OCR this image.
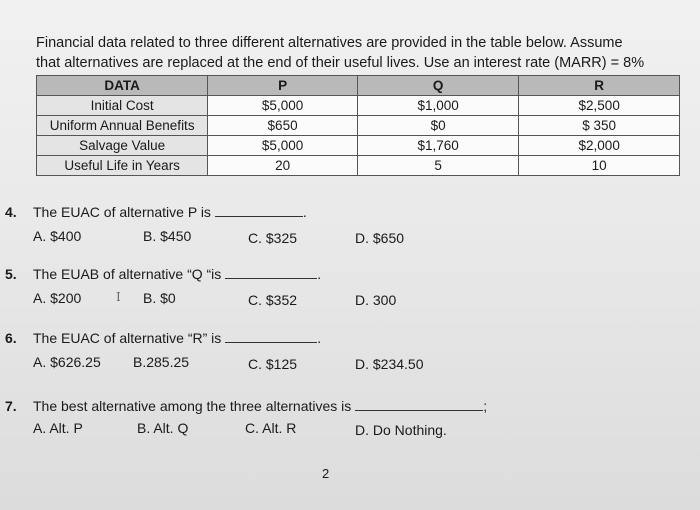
Financial data related to three different alternatives are provided in the table below. Assume
that alternatives are replaced at the end of their useful lives. Use an interest rate (MARR) = 8%
DATA	P	Q	R
Initial Cost	$5,000	$1,000	$2,500
Uniform Annual Benefits	$650	$0	$ 350
Salvage Value	$5,000	$1,760	$2,000
Useful Life in Years	20	5	10
4. The EUAC of alternative P is	.
A. $400	B. $450	C. $325	D. $650
5. The EUAB of alternative “Q “is	.
A. $200	B. $0	C. $352	D. 300
I
6. The EUAC of alternative “R” is	.
A. $626.25 B.285.25	C. $125	D. $234.50
7. The best alternative among the three alternatives is	;
A. Alt. P	B. Alt. Q	C. Alt. R	D. Do Nothing.
2
